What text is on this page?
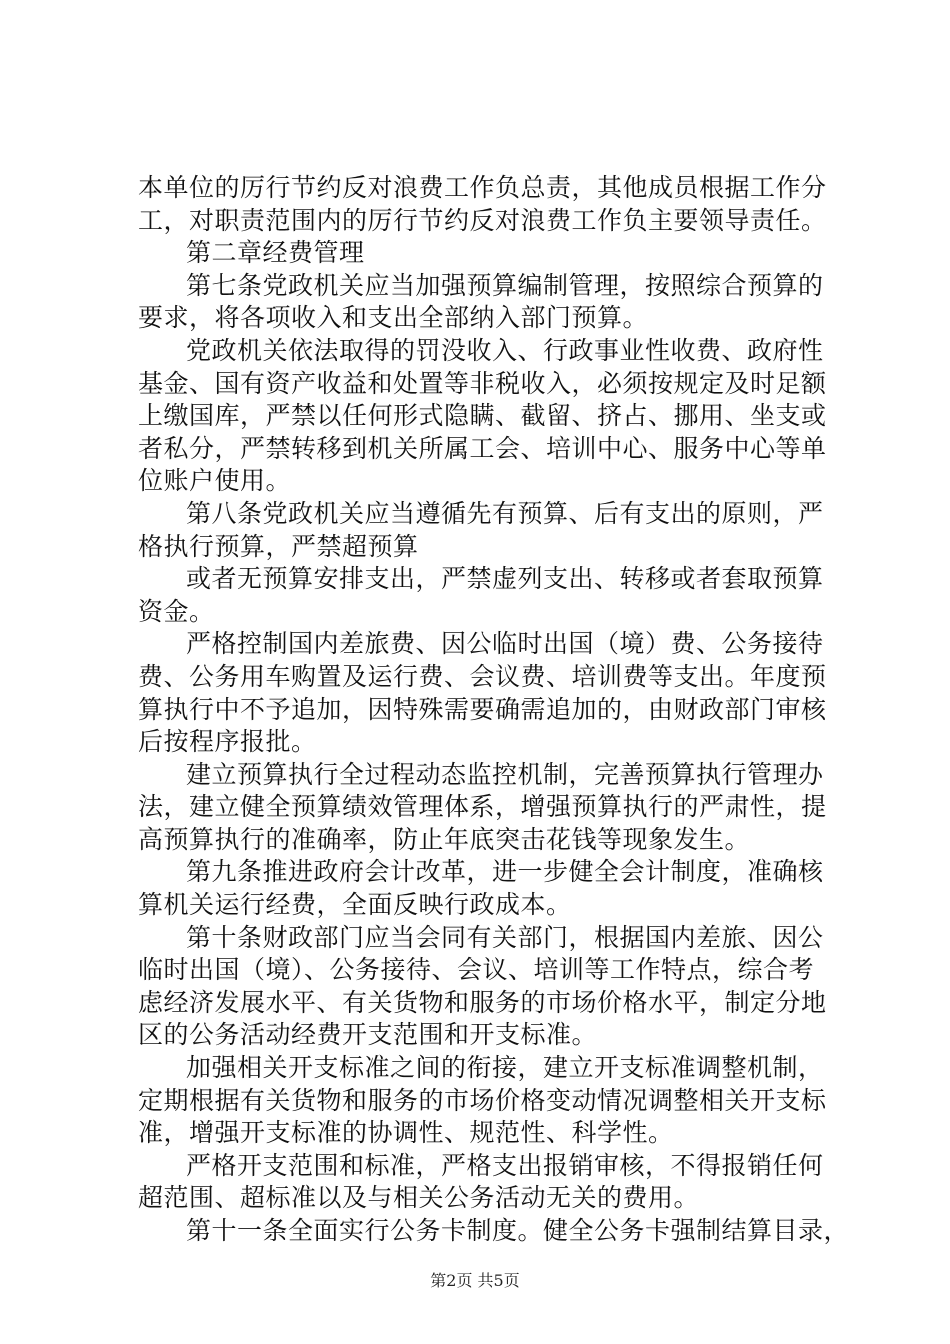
本单位的厉行节约反对浪费工作负总责，其他成员根据工作分
工，对职责范围内的厉行节约反对浪费工作负主要领导责任。
第二章经费管理
第七条党政机关应当加强预算编制管理，按照综合预算的
要求，将各项收入和支出全部纳入部门预算。
党政机关依法取得的罚没收入、行政事业性收费、政府性
基金、国有资产收益和处置等非税收入，必须按规定及时足额
上缴国库，严禁以任何形式隐瞒、截留、挤占、挪用、坐支或
者私分，严禁转移到机关所属工会、培训中心、服务中心等单
位账户使用。
第八条党政机关应当遵循先有预算、后有支出的原则，严
格执行预算，严禁超预算
或者无预算安排支出，严禁虚列支出、转移或者套取预算
资金。
严格控制国内差旅费、因公临时出国（境）费、公务接待
费、公务用车购置及运行费、会议费、培训费等支出。年度预
算执行中不予追加，因特殊需要确需追加的，由财政部门审核
后按程序报批。
建立预算执行全过程动态监控机制，完善预算执行管理办
法，建立健全预算绩效管理体系，增强预算执行的严肃性，提
高预算执行的准确率，防止年底突击花钱等现象发生。
第九条推进政府会计改革，进一步健全会计制度，准确核
算机关运行经费，全面反映行政成本。
第十条财政部门应当会同有关部门，根据国内差旅、因公
临时出国（境）、公务接待、会议、培训等工作特点，综合考
虑经济发展水平、有关货物和服务的市场价格水平，制定分地
区的公务活动经费开支范围和开支标准。
加强相关开支标准之间的衔接，建立开支标准调整机制，
定期根据有关货物和服务的市场价格变动情况调整相关开支标
准，增强开支标准的协调性、规范性、科学性。
严格开支范围和标准，严格支出报销审核，不得报销任何
超范围、超标准以及与相关公务活动无关的费用。
第十一条全面实行公务卡制度。健全公务卡强制结算目录，
第2页 共5页
